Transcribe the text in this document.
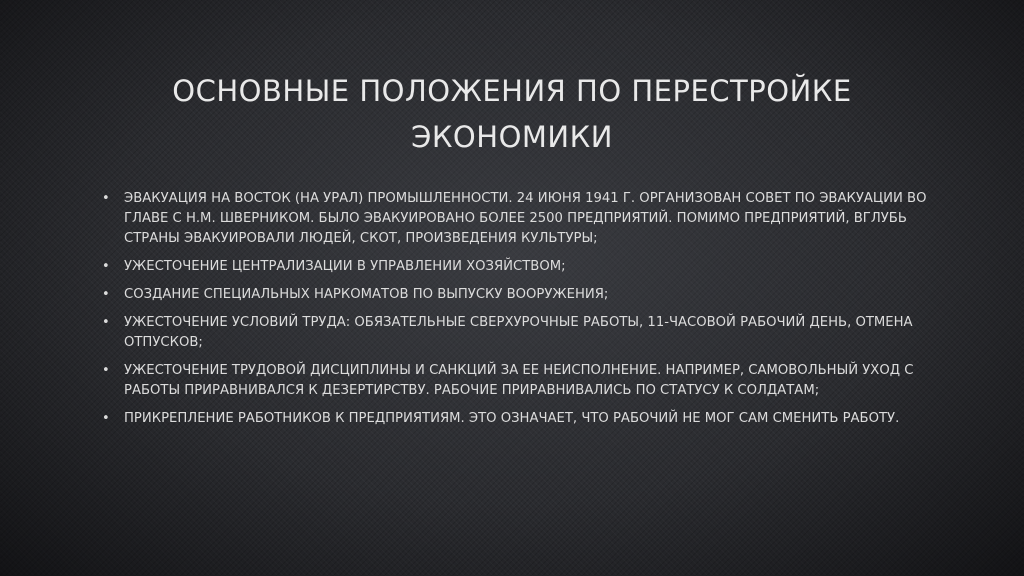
ОСНОВНЫЕ ПОЛОЖЕНИЯ ПО ПЕРЕСТРОЙКЕ ЭКОНОМИКИ
• ЭВАКУАЦИЯ НА ВОСТОК (НА УРАЛ) ПРОМЫШЛЕННОСТИ. 24 ИЮНЯ 1941 Г. ОРГАНИЗОВАН СОВЕТ ПО ЭВАКУАЦИИ ВО ГЛАВЕ С Н.М. ШВЕРНИКОМ. БЫЛО ЭВАКУИРОВАНО БОЛЕЕ 2500 ПРЕДПРИЯТИЙ. ПОМИМО ПРЕДПРИЯТИЙ, ВГЛУБЬ СТРАНЫ ЭВАКУИРОВАЛИ ЛЮДЕЙ, СКОТ, ПРОИЗВЕДЕНИЯ КУЛЬТУРЫ;
• УЖЕСТОЧЕНИЕ ЦЕНТРАЛИЗАЦИИ В УПРАВЛЕНИИ ХОЗЯЙСТВОМ;
• СОЗДАНИЕ СПЕЦИАЛЬНЫХ НАРКОМАТОВ ПО ВЫПУСКУ ВООРУЖЕНИЯ;
• УЖЕСТОЧЕНИЕ УСЛОВИЙ ТРУДА: ОБЯЗАТЕЛЬНЫЕ СВЕРХУРОЧНЫЕ РАБОТЫ, 11-ЧАСОВОЙ РАБОЧИЙ ДЕНЬ, ОТМЕНА ОТПУСКОВ;
• УЖЕСТОЧЕНИЕ ТРУДОВОЙ ДИСЦИПЛИНЫ И САНКЦИЙ ЗА ЕЕ НЕИСПОЛНЕНИЕ. НАПРИМЕР, САМОВОЛЬНЫЙ УХОД С РАБОТЫ ПРИРАВНИВАЛСЯ К ДЕЗЕРТИРСТВУ. РАБОЧИЕ ПРИРАВНИВАЛИСЬ ПО СТАТУСУ К СОЛДАТАМ;
• ПРИКРЕПЛЕНИЕ РАБОТНИКОВ К ПРЕДПРИЯТИЯМ. ЭТО ОЗНАЧАЕТ, ЧТО РАБОЧИЙ НЕ МОГ САМ СМЕНИТЬ РАБОТУ.
